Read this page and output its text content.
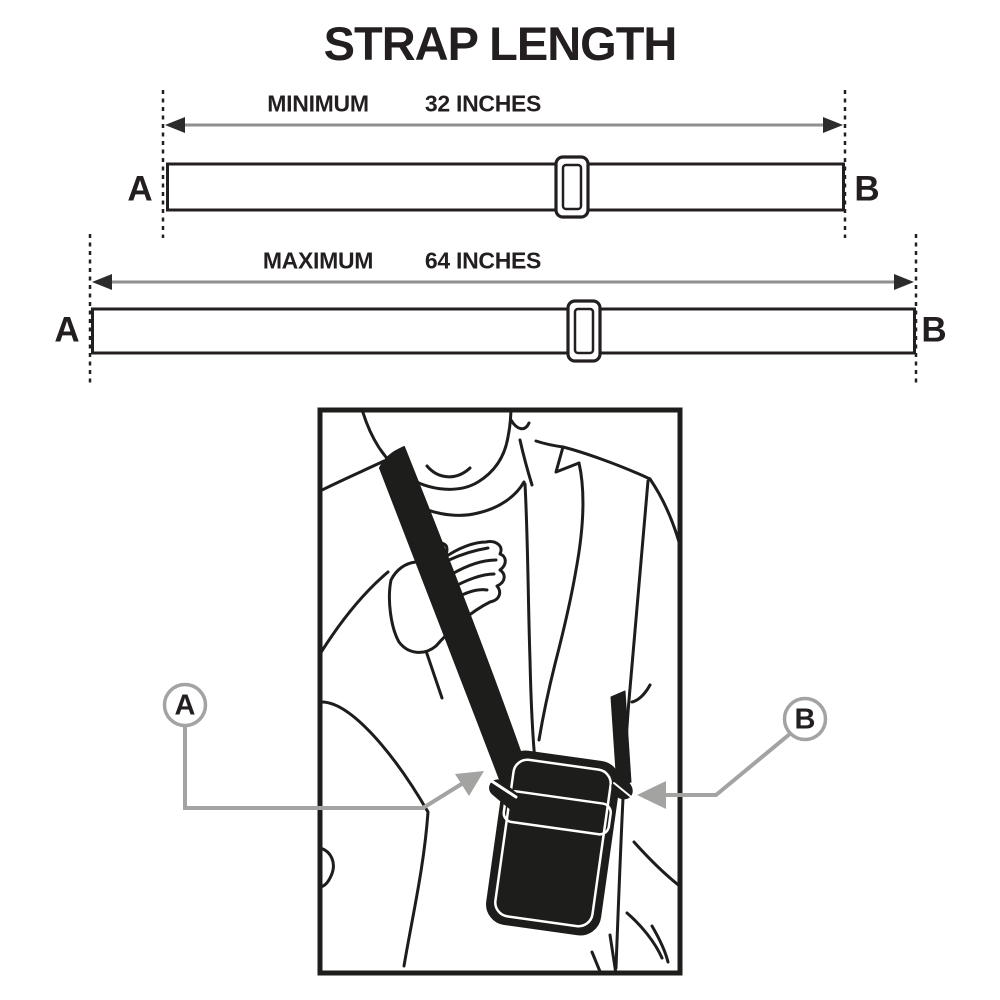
STRAP LENGTH
MINIMUM 32 INCHES
A	B
MAXIMUM 64 INCHES
A	B
A	B
